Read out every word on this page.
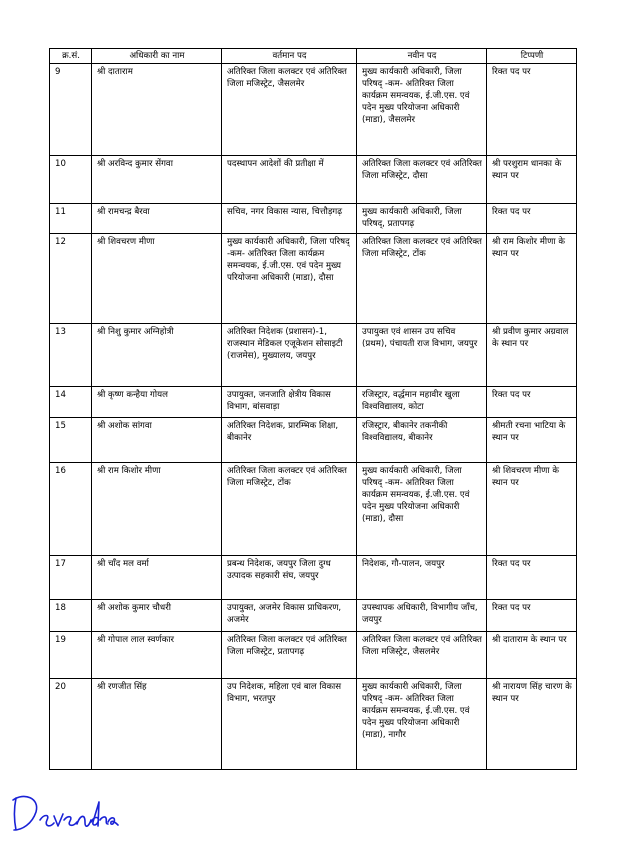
क्र.सं.	अधिकारी का नाम	वर्तमान पद	नवीन पद	टिप्पणी
9	श्री दाताराम	अतिरिक्त जिला कलक्टर एवं अतिरिक्त जिला मजिस्ट्रेट, जैसलमेर	मुख्य कार्यकारी अधिकारी, जिला परिषद् -कम- अतिरिक्त जिला कार्यक्रम समन्वयक, ई.जी.एस. एवं पदेन मुख्य परियोजना अधिकारी (माडा), जैसलमेर	रिक्त पद पर
10	श्री अरविन्द कुमार सेंगवा	पदस्थापन आदेशों की प्रतीक्षा में	अतिरिक्त जिला कलक्टर एवं अतिरिक्त जिला मजिस्ट्रेट, दौसा	श्री परशुराम धानका के स्थान पर
11	श्री रामचन्द्र बैरवा	सचिव, नगर विकास न्यास, चित्तौड़गढ़	मुख्य कार्यकारी अधिकारी, जिला परिषद्, प्रतापगढ़	रिक्त पद पर
12	श्री शिवचरण मीणा	मुख्य कार्यकारी अधिकारी, जिला परिषद् -कम- अतिरिक्त जिला कार्यक्रम समन्वयक, ई.जी.एस. एवं पदेन मुख्य परियोजना अधिकारी (माडा), दौसा	अतिरिक्त जिला कलक्टर एवं अतिरिक्त जिला मजिस्ट्रेट, टोंक	श्री राम किशोर मीणा के स्थान पर
13	श्री निशु कुमार अग्निहोत्री	अतिरिक्त निदेशक (प्रशासन)-1, राजस्थान मेडिकल एजूकेशन सोसाइटी (राजमेस), मुख्यालय, जयपुर	उपायुक्त एवं शासन उप सचिव (प्रथम), पंचायती राज विभाग, जयपुर	श्री प्रवीण कुमार अग्रवाल के स्थान पर
14	श्री कृष्ण कन्हैया गोयल	उपायुक्त, जनजाति क्षेत्रीय विकास विभाग, बांसवाड़ा	रजिस्ट्रार, वर्द्धमान महावीर खुला विश्वविद्यालय, कोटा	रिक्त पद पर
15	श्री अशोक सांगवा	अतिरिक्त निदेशक, प्रारम्भिक शिक्षा, बीकानेर	रजिस्ट्रार, बीकानेर तकनीकी विश्वविद्यालय, बीकानेर	श्रीमती रचना भाटिया के स्थान पर
16	श्री राम किशोर मीणा	अतिरिक्त जिला कलक्टर एवं अतिरिक्त जिला मजिस्ट्रेट, टोंक	मुख्य कार्यकारी अधिकारी, जिला परिषद् -कम- अतिरिक्त जिला कार्यक्रम समन्वयक, ई.जी.एस. एवं पदेन मुख्य परियोजना अधिकारी (माडा), दौसा	श्री शिवचरण मीणा के स्थान पर
17	श्री चाँद मल वर्मा	प्रबन्ध निदेशक, जयपुर जिला दुग्ध उत्पादक सहकारी संघ, जयपुर	निदेशक, गौ-पालन, जयपुर	रिक्त पद पर
18	श्री अशोक कुमार चौधरी	उपायुक्त, अजमेर विकास प्राधिकरण, अजमेर	उपस्थापक अधिकारी, विभागीय जाँच, जयपुर	रिक्त पद पर
19	श्री गोपाल लाल स्वर्णकार	अतिरिक्त जिला कलक्टर एवं अतिरिक्त जिला मजिस्ट्रेट, प्रतापगढ़	अतिरिक्त जिला कलक्टर एवं अतिरिक्त जिला मजिस्ट्रेट, जैसलमेर	श्री दाताराम के स्थान पर
20	श्री रणजीत सिंह	उप निदेशक, महिला एवं बाल विकास विभाग, भरतपुर	मुख्य कार्यकारी अधिकारी, जिला परिषद् -कम- अतिरिक्त जिला कार्यक्रम समन्वयक, ई.जी.एस. एवं पदेन मुख्य परियोजना अधिकारी (माडा), नागौर	श्री नारायण सिंह चारण के स्थान पर
